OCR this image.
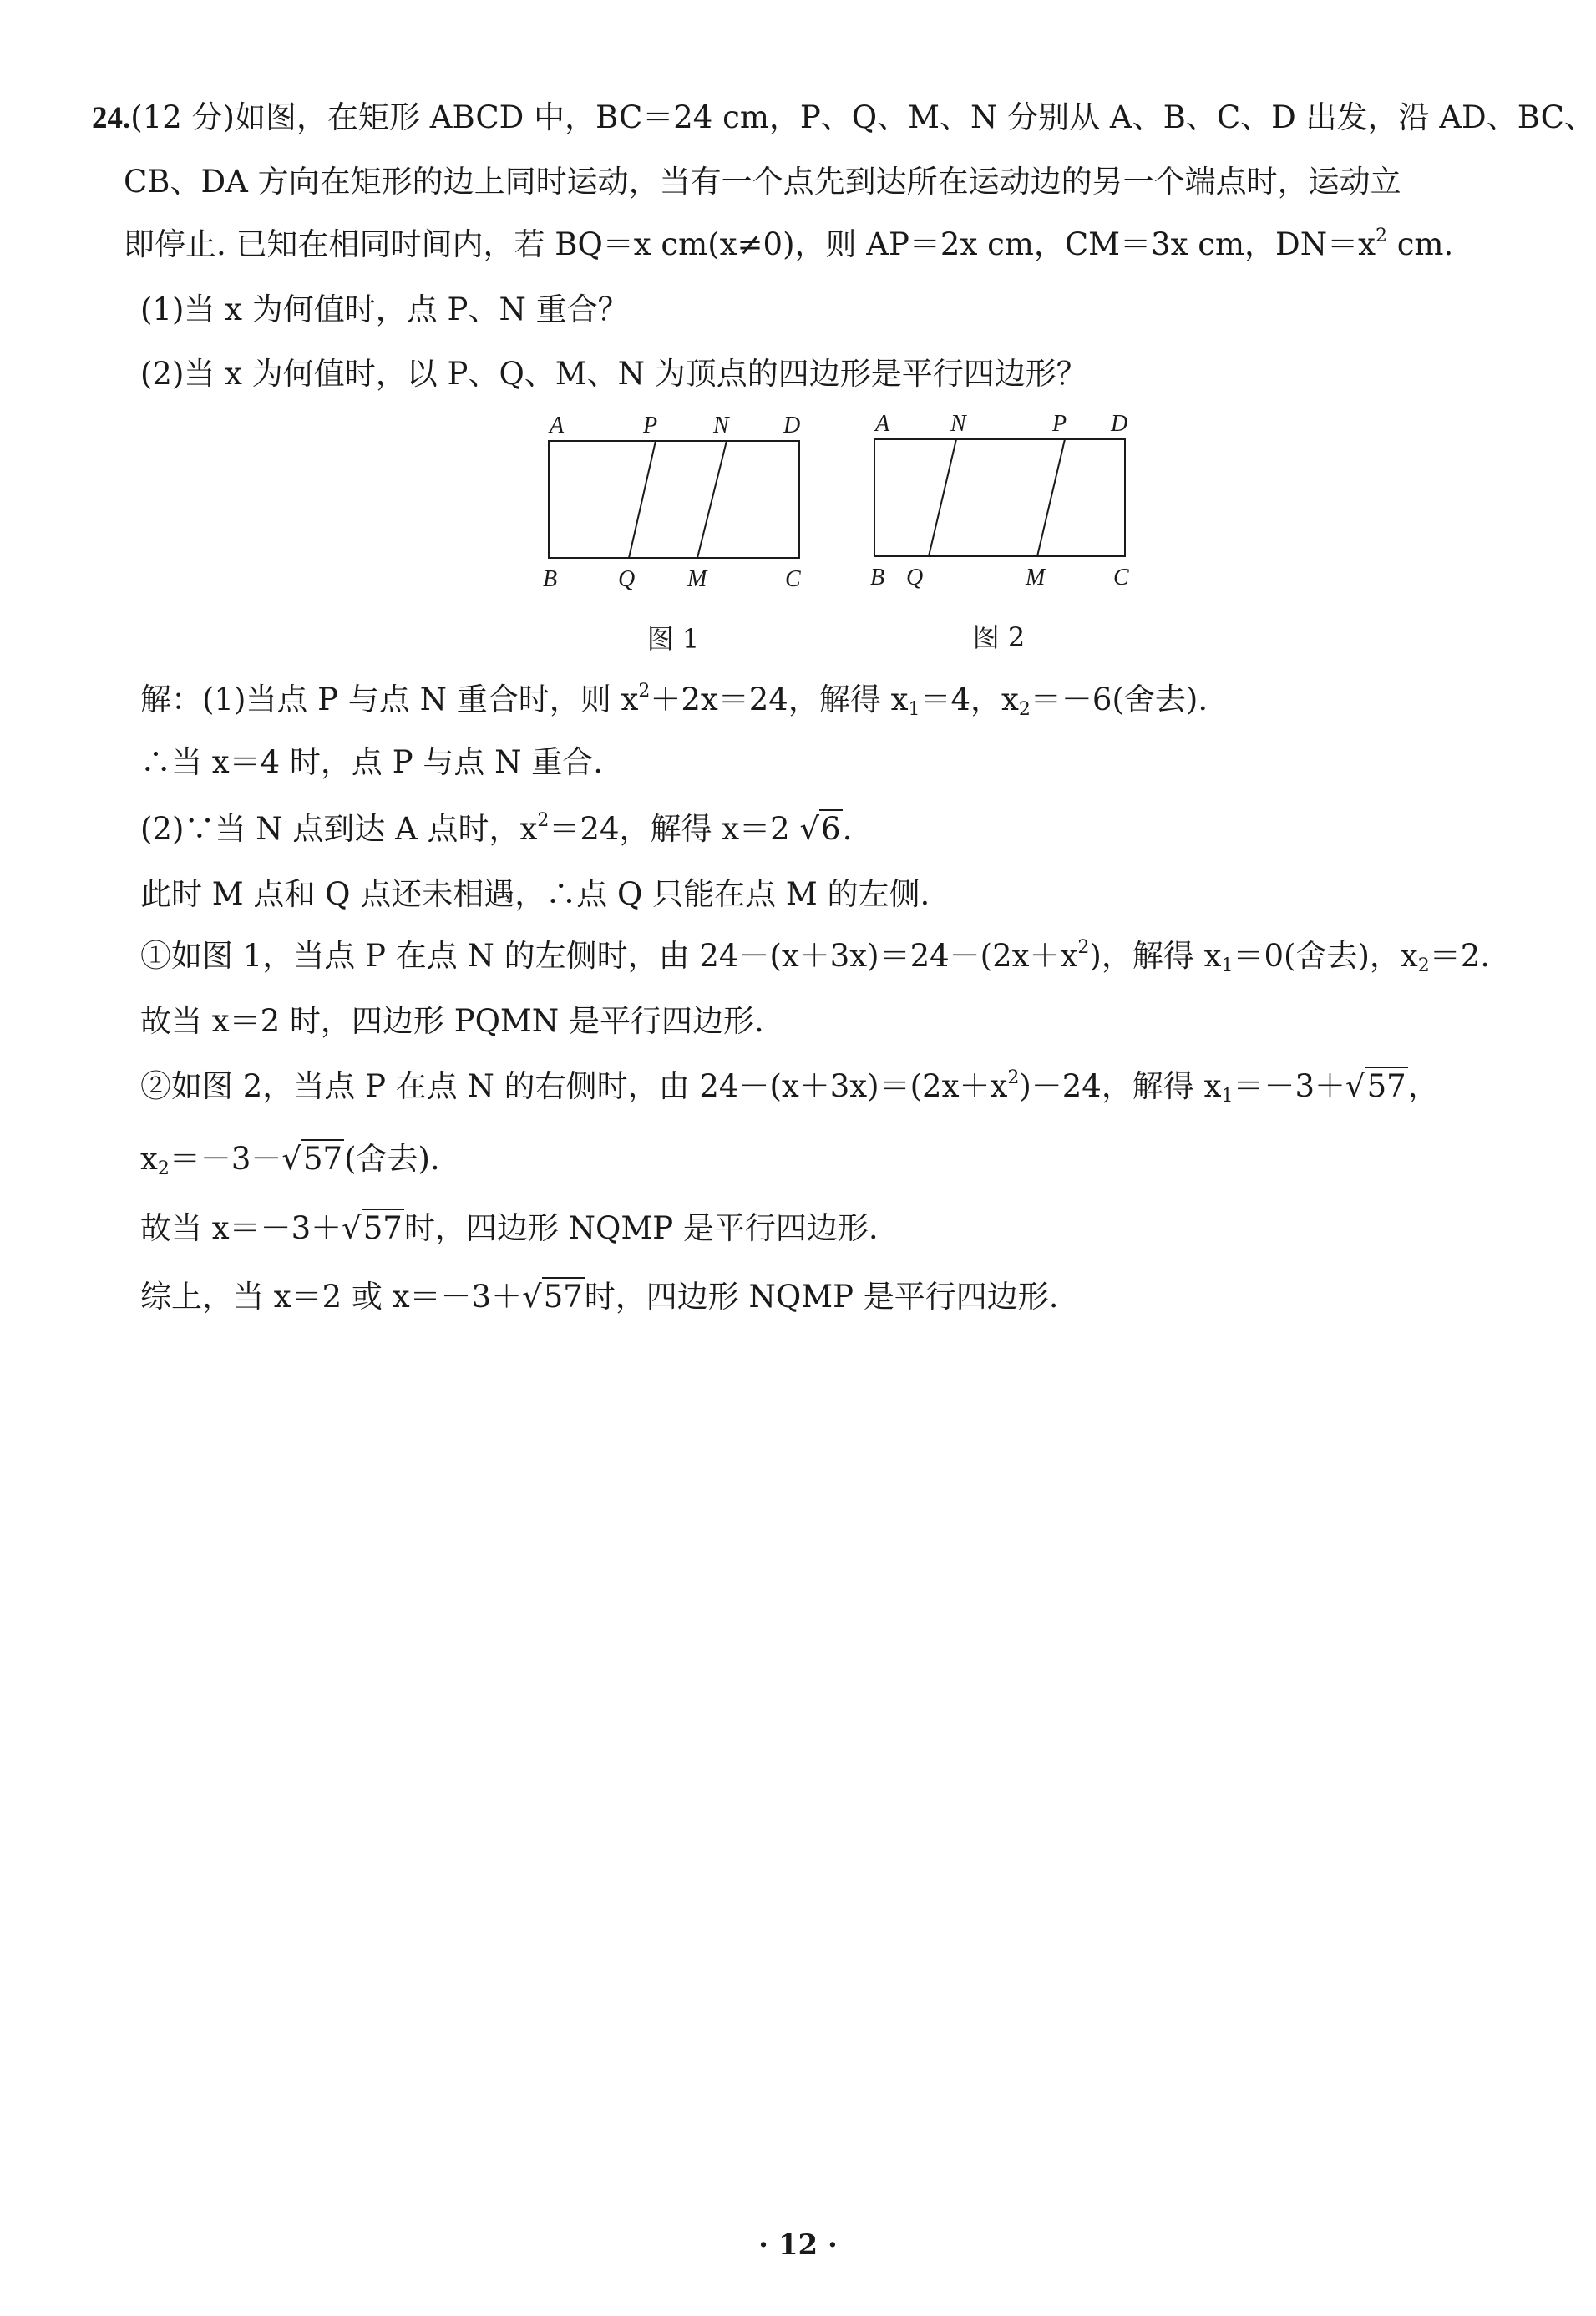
24.(12 分)如图，在矩形 ABCD 中，BC＝24 cm，P、Q、M、N 分别从 A、B、C、D 出发，沿 AD、BC、
CB、DA 方向在矩形的边上同时运动，当有一个点先到达所在运动边的另一个端点时，运动立
即停止. 已知在相同时间内，若 BQ＝x cm(x≠0)，则 AP＝2x cm，CM＝3x cm，$DN=x^2$ cm.
(1)当 x 为何值时，点 P、N 重合？
(2)当 x 为何值时，以 P、Q、M、N 为顶点的四边形是平行四边形？
A	P N D
B	Q M	C
图 1
A	N	P D
B Q	M	C
图 2
解：(1)当点 P 与点 N 重合时，则 $x^2+2x=24$，解得 $x_1=4$，$x_2=-6$(舍去).
∴当 x＝4 时，点 P 与点 N 重合.
(2)∵当 N 点到达 A 点时，$x^2=24$，解得 x＝2 √6.
此时 M 点和 Q 点还未相遇，∴点 Q 只能在点 M 的左侧.
①如图 1，当点 P 在点 N 的左侧时，由 $24-(x+3x)=24-(2x+x^2)$，解得 $x_1=0$(舍去)，$x_2=2$.
故当 x＝2 时，四边形 PQMN 是平行四边形.
②如图 2，当点 P 在点 N 的右侧时，由 $24-(x+3x)=(2x+x^2)-24$，解得 $x_1=-3+√57$，
$x_2=-3-√57$(舍去).
故当 x＝－3＋√57时，四边形 NQMP 是平行四边形.
综上，当 x＝2 或 x＝－3＋√57时，四边形 NQMP 是平行四边形.
· 12 ·
